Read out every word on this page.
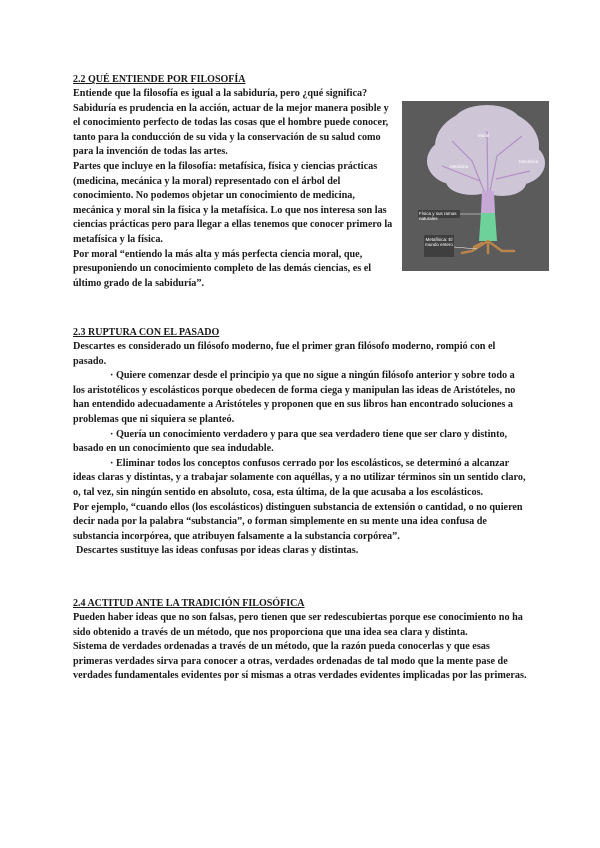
2.2 QUÉ ENTIENDE POR FILOSOFÍA

Entiende que la filosofía es igual a la sabiduría, pero ¿qué significa?

Sabiduría es prudencia en la acción, actuar de la mejor manera posible y el conocimiento perfecto de todas las cosas que el hombre puede conocer, tanto para la conducción de su vida y la conservación de su salud como para la invención de todas las artes.

Partes que incluye en la filosofía: metafísica, física y ciencias prácticas (medicina, mecánica y la moral) representado con el árbol del conocimiento. No podemos objetar un conocimiento de medicina, mecánica y moral sin la física y la metafísica. Lo que nos interesa son las ciencias prácticas pero para llegar a ellas tenemos que conocer primero la metafísica y la física.

Por moral “entiendo la más alta y más perfecta ciencia moral, que, presuponiendo un conocimiento completo de las demás ciencias, es el último grado de la sabiduría”.

Moral
Medicina
Mecánica
Física y sus ramas naturales
Metafísica: El mundo entero
2.3 RUPTURA CON EL PASADO

Descartes es considerado un filósofo moderno, fue el primer gran filósofo moderno, rompió con el pasado.

· Quiere comenzar desde el principio ya que no sigue a ningún filósofo anterior y sobre todo a los aristotélicos y escolásticos porque obedecen de forma ciega y manipulan las ideas de Aristóteles, no han entendido adecuadamente a Aristóteles y proponen que en sus libros han encontrado soluciones a problemas que ni siquiera se planteó.

· Quería un conocimiento verdadero y para que sea verdadero tiene que ser claro y distinto, basado en un conocimiento que sea indudable.

· Eliminar todos los conceptos confusos cerrado por los escolásticos, se determinó a alcanzar ideas claras y distintas, y a trabajar solamente con aquéllas, y a no utilizar términos sin un sentido claro, o, tal vez, sin ningún sentido en absoluto, cosa, esta última, de la que acusaba a los escolásticos.

Por ejemplo, “cuando ellos (los escolásticos) distinguen substancia de extensión o cantidad, o no quieren decir nada por la palabra “substancia”, o forman simplemente en su mente una idea confusa de substancia incorpórea, que atribuyen falsamente a la substancia corpórea”.

Descartes sustituye las ideas confusas por ideas claras y distintas.

2.4 ACTITUD ANTE LA TRADICIÓN FILOSÓFICA

Pueden haber ideas que no son falsas, pero tienen que ser redescubiertas porque ese conocimiento no ha sido obtenido a través de un método, que nos proporciona que una idea sea clara y distinta.

Sistema de verdades ordenadas a través de un método, que la razón pueda conocerlas y que esas primeras verdades sirva para conocer a otras, verdades ordenadas de tal modo que la mente pase de verdades fundamentales evidentes por sí mismas a otras verdades evidentes implicadas por las primeras.
